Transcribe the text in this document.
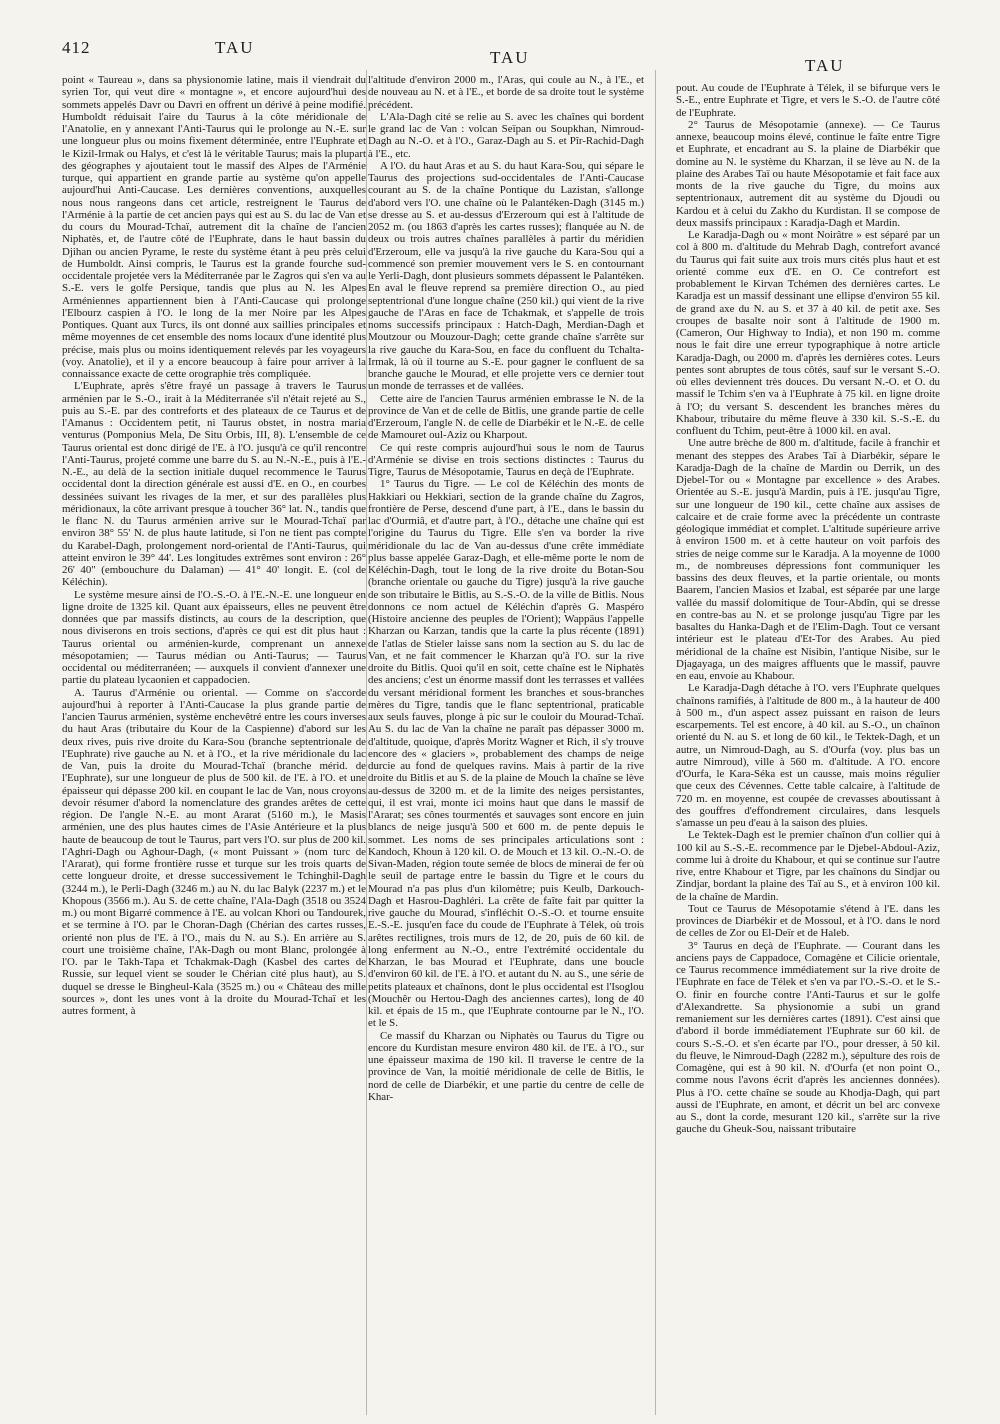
412	TAU
TAU	TAU

point « Taureau », dans sa physionomie latine, mais il viendrait du syrien Tor, qui veut dire « montagne », et encore aujourd'hui des sommets appelés Davr ou Davri en offrent un dérivé à peine modifié. Humboldt réduisait l'aire du Taurus à la côte méridionale de l'Anatolie, en y annexant l'Anti-Taurus qui le prolonge au N.-E. sur une longueur plus ou moins fixement déterminée, entre l'Euphrate et le Kizil-Irmak ou Halys, et c'est là le véritable Taurus; mais la plupart des géographes y ajoutaient tout le massif des Alpes de l'Arménie turque, qui appartient en grande partie au système qu'on appelle aujourd'hui Anti-Caucase. Les dernières conventions, auxquelles nous nous rangeons dans cet article, restreignent le Taurus de l'Arménie à la partie de cet ancien pays qui est au S. du lac de Van et du cours du Mourad-Tchaï, autrement dit la chaîne de l'ancien Niphatès, et, de l'autre côté de l'Euphrate, dans le haut bassin du Djihan ou ancien Pyrame, le reste du système étant à peu près celui de Humboldt. Ainsi compris, le Taurus est la grande fourche sud-occidentale projetée vers la Méditerranée par le Zagros qui s'en va au S.-E. vers le golfe Persique, tandis que plus au N. les Alpes Arméniennes appartiennent bien à l'Anti-Caucase qui prolonge l'Elbourz caspien à l'O. le long de la mer Noire par les Alpes Pontiques. Quant aux Turcs, ils ont donné aux saillies principales et même moyennes de cet ensemble des noms locaux d'une identité plus précise, mais plus ou moins identiquement relevés par les voyageurs (voy. Anatolie), et il y a encore beaucoup à faire pour arriver à la connaissance exacte de cette orographie très compliquée.

L'Euphrate, après s'être frayé un passage à travers le Taurus arménien par le S.-O., irait à la Méditerranée s'il n'était rejeté au S., puis au S.-E. par des contreforts et des plateaux de ce Taurus et de l'Amanus : Occidentem petit, ni Taurus obstet, in nostra maria venturus (Pomponius Mela, De Situ Orbis, III, 8). L'ensemble de ce Taurus oriental est donc dirigé de l'E. à l'O. jusqu'à ce qu'il rencontre l'Anti-Taurus, projeté comme une barre du S. au N.-N.-E., puis à l'E.-N.-E., au delà de la section initiale duquel recommence le Taurus occidental dont la direction générale est aussi d'E. en O., en courbes dessinées suivant les rivages de la mer, et sur des parallèles plus méridionaux, la côte arrivant presque à toucher 36° lat. N., tandis que le flanc N. du Taurus arménien arrive sur le Mourad-Tchaï par environ 38° 55' N. de plus haute latitude, si l'on ne tient pas compte du Karabel-Dagh, prolongement nord-oriental de l'Anti-Taurus, qui atteint environ le 39° 44'. Les longitudes extrêmes sont environ : 26° 26' 40" (embouchure du Dalaman) — 41° 40' longit. E. (col de Kéléchin).

Le système mesure ainsi de l'O.-S.-O. à l'E.-N.-E. une longueur en ligne droite de 1325 kil. Quant aux épaisseurs, elles ne peuvent être données que par massifs distincts, au cours de la description, que nous diviserons en trois sections, d'après ce qui est dit plus haut : Taurus oriental ou arménien-kurde, comprenant un annexe mésopotamien; — Taurus médian ou Anti-Taurus; — Taurus occidental ou méditerranéen; — auxquels il convient d'annexer une partie du plateau lycaonien et cappadocien.

A. Taurus d'Arménie ou oriental. — Comme on s'accorde aujourd'hui à reporter à l'Anti-Caucase la plus grande partie de l'ancien Taurus arménien, système enchevêtré entre les cours inverses du haut Aras (tributaire du Kour de la Caspienne) d'abord sur les deux rives, puis rive droite du Kara-Sou (branche septentrionale de l'Euphrate) rive gauche au N. et à l'O., et la rive méridionale du lac de Van, puis la droite du Mourad-Tchaï (branche mérid. de l'Euphrate), sur une longueur de plus de 500 kil. de l'E. à l'O. et une épaisseur qui dépasse 200 kil. en coupant le lac de Van, nous croyons devoir résumer d'abord la nomenclature des grandes arêtes de cette région. De l'angle N.-E. au mont Ararat (5160 m.), le Masis arménien, une des plus hautes cimes de l'Asie Antérieure et la plus haute de beaucoup de tout le Taurus, part vers l'O. sur plus de 200 kil. l'Aghri-Dagh ou Aghour-Dagh, (« mont Puissant » (nom turc de l'Ararat), qui forme frontière russe et turque sur les trois quarts de cette longueur droite, et dresse successivement le Tchinghil-Dagh (3244 m.), le Perli-Dagh (3246 m.) au N. du lac Balyk (2237 m.) et le Khopous (3566 m.). Au S. de cette chaîne, l'Ala-Dagh (3518 ou 3524 m.) ou mont Bigarré commence à l'E. au volcan Khori ou Tandourek, et se termine à l'O. par le Choran-Dagh (Chérian des cartes russes, orienté non plus de l'E. à l'O., mais du N. au S.). En arrière au S. court une troisième chaîne, l'Ak-Dagh ou mont Blanc, prolongée à l'O. par le Takh-Tapa et Tchakmak-Dagh (Kasbel des cartes de Russie, sur lequel vient se souder le Chérian cité plus haut), au S. duquel se dresse le Bingheul-Kala (3525 m.) ou « Château des mille sources », dont les unes vont à la droite du Mourad-Tchaï et les autres forment, à

l'altitude d'environ 2000 m., l'Aras, qui coule au N., à l'E., et de nouveau au N. et à l'E., et borde de sa droite tout le système précédent.

L'Ala-Dagh cité se relie au S. avec les chaînes qui bordent le grand lac de Van : volcan Seïpan ou Soupkhan, Nimroud-Dagh au N.-O. et à l'O., Garaz-Dagh au S. et Pîr-Rachid-Dagh à l'E., etc.

A l'O. du haut Aras et au S. du haut Kara-Sou, qui sépare le Taurus des projections sud-occidentales de l'Anti-Caucase courant au S. de la chaîne Pontique du Lazistan, s'allonge d'abord vers l'O. une chaîne où le Palantéken-Dagh (3145 m.) se dresse au S. et au-dessus d'Erzeroum qui est à l'altitude de 2052 m. (ou 1863 d'après les cartes russes); flanquée au N. de deux ou trois autres chaînes parallèles à partir du méridien d'Erzeroum, elle va jusqu'à la rive gauche du Kara-Sou qui a commencé son premier mouvement vers le S. en contournant le Yerli-Dagh, dont plusieurs sommets dépassent le Palantéken. En aval le fleuve reprend sa première direction O., au pied septentrional d'une longue chaîne (250 kil.) qui vient de la rive gauche de l'Aras en face de Tchakmak, et s'appelle de trois noms successifs principaux : Hatch-Dagh, Merdian-Dagh et Moutzour ou Mouzour-Dagh; cette grande chaîne s'arrête sur la rive gauche du Kara-Sou, en face du confluent du Tchalta-Irmak, là où il tourne au S.-E. pour gagner le confluent de sa branche gauche le Mourad, et elle projette vers ce dernier tout un monde de terrasses et de vallées.

Cette aire de l'ancien Taurus arménien embrasse le N. de la province de Van et de celle de Bitlis, une grande partie de celle d'Erzeroum, l'angle N. de celle de Diarbékir et le N.-E. de celle de Mamouret oul-Aziz ou Kharpout.

Ce qui reste compris aujourd'hui sous le nom de Taurus d'Arménie se divise en trois sections distinctes : Taurus du Tigre, Taurus de Mésopotamie, Taurus en deçà de l'Euphrate.

1° Taurus du Tigre. — Le col de Kéléchin des monts de Hakkiari ou Hekkiari, section de la grande chaîne du Zagros, frontière de Perse, descend d'une part, à l'E., dans le bassin du lac d'Ourmiâ, et d'autre part, à l'O., détache une chaîne qui est l'origine du Taurus du Tigre. Elle s'en va border la rive méridionale du lac de Van au-dessus d'une crête immédiate plus basse appelée Garaz-Dagh, et elle-même porte le nom de Kéléchin-Dagh, tout le long de la rive droite du Botan-Sou (branche orientale ou gauche du Tigre) jusqu'à la rive gauche de son tributaire le Bitlis, au S.-S.-O. de la ville de Bitlis. Nous donnons ce nom actuel de Kéléchin d'après G. Maspéro (Histoire ancienne des peuples de l'Orient); Wappäus l'appelle Kharzan ou Karzan, tandis que la carte la plus récente (1891) de l'atlas de Stieler laisse sans nom la section au S. du lac de Van, et ne fait commencer le Kharzan qu'à l'O. sur la rive droite du Bitlis. Quoi qu'il en soit, cette chaîne est le Niphatès des anciens; c'est un énorme massif dont les terrasses et vallées du versant méridional forment les branches et sous-branches mères du Tigre, tandis que le flanc septentrional, praticable aux seuls fauves, plonge à pic sur le couloir du Mourad-Tchaï. Au S. du lac de Van la chaîne ne paraît pas dépasser 3000 m. d'altitude, quoique, d'après Moritz Wagner et Rich, il s'y trouve encore des « glaciers », probablement des champs de neige durcie au fond de quelques ravins. Mais à partir de la rive droite du Bitlis et au S. de la plaine de Mouch la chaîne se lève au-dessus de 3200 m. et de la limite des neiges persistantes, qui, il est vrai, monte ici moins haut que dans le massif de l'Ararat; ses cônes tourmentés et sauvages sont encore en juin blancs de neige jusqu'à 500 et 600 m. de pente depuis le sommet. Les noms de ses principales articulations sont : Kandoch, Khoun à 120 kil. O. de Mouch et 13 kil. O.-N.-O. de Sivan-Maden, région toute semée de blocs de minerai de fer où le seuil de partage entre le bassin du Tigre et le cours du Mourad n'a pas plus d'un kilomètre; puis Keulb, Darkouch-Dagh et Hasrou-Daghléri. La crête de faîte fait par quitter la rive gauche du Mourad, s'infléchit O.-S.-O. et tourne ensuite E.-S.-E. jusqu'en face du coude de l'Euphrate à Télek, où trois arêtes rectilignes, trois murs de 12, de 20, puis de 60 kil. de long enferment au N.-O., entre l'extrémité occidentale du Kharzan, le bas Mourad et l'Euphrate, dans une boucle d'environ 60 kil. de l'E. à l'O. et autant du N. au S., une série de petits plateaux et chaînons, dont le plus occidental est l'Isoglou (Mouchêr ou Hertou-Dagh des anciennes cartes), long de 40 kil. et épais de 15 m., que l'Euphrate contourne par le N., l'O. et le S.

Ce massif du Kharzan ou Niphatès ou Taurus du Tigre ou encore du Kurdistan mesure environ 480 kil. de l'E. à l'O., sur une épaisseur maxima de 190 kil. Il traverse le centre de la province de Van, la moitié méridionale de celle de Bitlis, le nord de celle de Diarbékir, et une partie du centre de celle de Khar-

pout. Au coude de l'Euphrate à Télek, il se bifurque vers le S.-E., entre Euphrate et Tigre, et vers le S.-O. de l'autre côté de l'Euphrate.

2° Taurus de Mésopotamie (annexe). — Ce Taurus annexe, beaucoup moins élevé, continue le faîte entre Tigre et Euphrate, et encadrant au S. la plaine de Diarbékir que domine au N. le système du Kharzan, il se lève au N. de la plaine des Arabes Taï ou haute Mésopotamie et fait face aux monts de la rive gauche du Tigre, du moins aux septentrionaux, autrement dit au système du Djoudi ou Kardou et à celui du Zakho du Kurdistan. Il se compose de deux massifs principaux : Karadja-Dagh et Mardin.

Le Karadja-Dagh ou « mont Noirâtre » est séparé par un col à 800 m. d'altitude du Mehrab Dagh, contrefort avancé du Taurus qui fait suite aux trois murs cités plus haut et est orienté comme eux d'E. en O. Ce contrefort est probablement le Kirvan Tchémen des dernières cartes. Le Karadja est un massif dessinant une ellipse d'environ 55 kil. de grand axe du N. au S. et 37 à 40 kil. de petit axe. Ses croupes de basalte noir sont à l'altitude de 1900 m. (Cameron, Our Highway to India), et non 190 m. comme nous le fait dire une erreur typographique à notre article Karadja-Dagh, ou 2000 m. d'après les dernières cotes. Leurs pentes sont abruptes de tous côtés, sauf sur le versant S.-O. où elles deviennent très douces. Du versant N.-O. et O. du massif le Tchim s'en va à l'Euphrate à 75 kil. en ligne droite à l'O; du versant S. descendent les branches mères du Khabour, tributaire du même fleuve à 330 kil. S.-S.-E. du confluent du Tchim, peut-être à 1000 kil. en aval.

Une autre brèche de 800 m. d'altitude, facile à franchir et menant des steppes des Arabes Taï à Diarbékir, sépare le Karadja-Dagh de la chaîne de Mardin ou Derrik, un des Djebel-Tor ou « Montagne par excellence » des Arabes. Orientée au S.-E. jusqu'à Mardin, puis à l'E. jusqu'au Tigre, sur une longueur de 190 kil., cette chaîne aux assises de calcaire et de craie forme avec la précédente un contraste géologique immédiat et complet. L'altitude supérieure arrive à environ 1500 m. et à cette hauteur on voit parfois des stries de neige comme sur le Karadja. A la moyenne de 1000 m., de nombreuses dépressions font communiquer les bassins des deux fleuves, et la partie orientale, ou monts Baarem, l'ancien Masios et Izabal, est séparée par une large vallée du massif dolomitique de Tour-Abdîn, qui se dresse en contre-bas au N. et se prolonge jusqu'au Tigre par les basaltes du Hanka-Dagh et de l'Elim-Dagh. Tout ce versant intérieur est le plateau d'Et-Tor des Arabes. Au pied méridional de la chaîne est Nisibin, l'antique Nisibe, sur le Djagayaga, un des maigres affluents que le massif, pauvre en eau, envoie au Khabour.

Le Karadja-Dagh détache à l'O. vers l'Euphrate quelques chaînons ramifiés, à l'altitude de 800 m., à la hauteur de 400 à 500 m., d'un aspect assez puissant en raison de leurs escarpements. Tel est encore, à 40 kil. au S.-O., un chaînon orienté du N. au S. et long de 60 kil., le Tektek-Dagh, et un autre, un Nimroud-Dagh, au S. d'Ourfa (voy. plus bas un autre Nimroud), ville à 560 m. d'altitude. A l'O. encore d'Ourfa, le Kara-Séka est un causse, mais moins régulier que ceux des Cévennes. Cette table calcaire, à l'altitude de 720 m. en moyenne, est coupée de crevasses aboutissant à des gouffres d'effondrement circulaires, dans lesquels s'amasse un peu d'eau à la saison des pluies.

Le Tektek-Dagh est le premier chaînon d'un collier qui à 100 kil au S.-S.-E. recommence par le Djebel-Abdoul-Aziz, comme lui à droite du Khabour, et qui se continue sur l'autre rive, entre Khabour et Tigre, par les chaînons du Sindjar ou Zindjar, bordant la plaine des Taï au S., et à environ 100 kil. de la chaîne de Mardin.

Tout ce Taurus de Mésopotamie s'étend à l'E. dans les provinces de Diarbékir et de Mossoul, et à l'O. dans le nord de celles de Zor ou El-Deïr et de Haleb.

3° Taurus en deçà de l'Euphrate. — Courant dans les anciens pays de Cappadoce, Comagène et Cilicie orientale, ce Taurus recommence immédiatement sur la rive droite de l'Euphrate en face de Télek et s'en va par l'O.-S.-O. et le S.-O. finir en fourche contre l'Anti-Taurus et sur le golfe d'Alexandrette. Sa physionomie a subi un grand remaniement sur les dernières cartes (1891). C'est ainsi que d'abord il borde immédiatement l'Euphrate sur 60 kil. de cours S.-S.-O. et s'en écarte par l'O., pour dresser, à 50 kil. du fleuve, le Nimroud-Dagh (2282 m.), sépulture des rois de Comagène, qui est à 90 kil. N. d'Ourfa (et non point O., comme nous l'avons écrit d'après les anciennes données). Plus à l'O. cette chaîne se soude au Khodja-Dagh, qui part aussi de l'Euphrate, en amont, et décrit un bel arc convexe au S., dont la corde, mesurant 120 kil., s'arrête sur la rive gauche du Gheuk-Sou, naissant tributaire
